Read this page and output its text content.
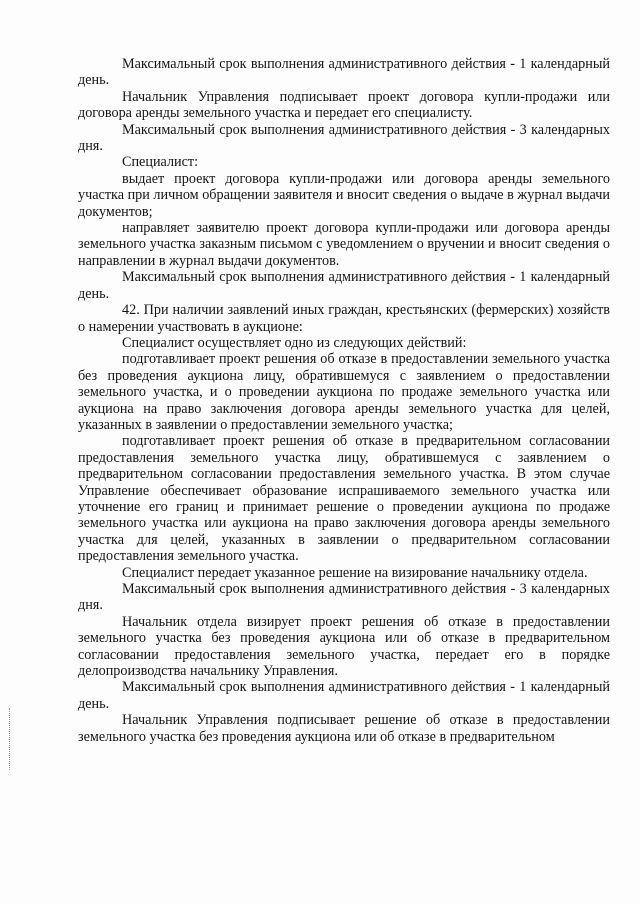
Максимальный срок выполнения административного действия - 1 календарный день.

Начальник Управления подписывает проект договора купли-продажи или договора аренды земельного участка и передает его специалисту.

Максимальный срок выполнения административного действия - 3 календарных дня.

Специалист:

выдает проект договора купли-продажи или договора аренды земельного участка при личном обращении заявителя и вносит сведения о выдаче в журнал выдачи документов;

направляет заявителю проект договора купли-продажи или договора аренды земельного участка заказным письмом с уведомлением о вручении и вносит сведения о направлении в журнал выдачи документов.

Максимальный срок выполнения административного действия - 1 календарный день.

42. При наличии заявлений иных граждан, крестьянских (фермерских) хозяйств о намерении участвовать в аукционе:

Специалист осуществляет одно из следующих действий:

подготавливает проект решения об отказе в предоставлении земельного участка без проведения аукциона лицу, обратившемуся с заявлением о предоставлении земельного участка, и о проведении аукциона по продаже земельного участка или аукциона на право заключения договора аренды земельного участка для целей, указанных в заявлении о предоставлении земельного участка;

подготавливает проект решения об отказе в предварительном согласовании предоставления земельного участка лицу, обратившемуся с заявлением о предварительном согласовании предоставления земельного участка. В этом случае Управление обеспечивает образование испрашиваемого земельного участка или уточнение его границ и принимает решение о проведении аукциона по продаже земельного участка или аукциона на право заключения договора аренды земельного участка для целей, указанных в заявлении о предварительном согласовании предоставления земельного участка.

Специалист передает указанное решение на визирование начальнику отдела.

Максимальный срок выполнения административного действия - 3 календарных дня.

Начальник отдела визирует проект решения об отказе в предоставлении земельного участка без проведения аукциона или об отказе в предварительном согласовании предоставления земельного участка, передает его в порядке делопроизводства начальнику Управления.

Максимальный срок выполнения административного действия - 1 календарный день.

Начальник Управления подписывает решение об отказе в предоставлении земельного участка без проведения аукциона или об отказе в предварительном
